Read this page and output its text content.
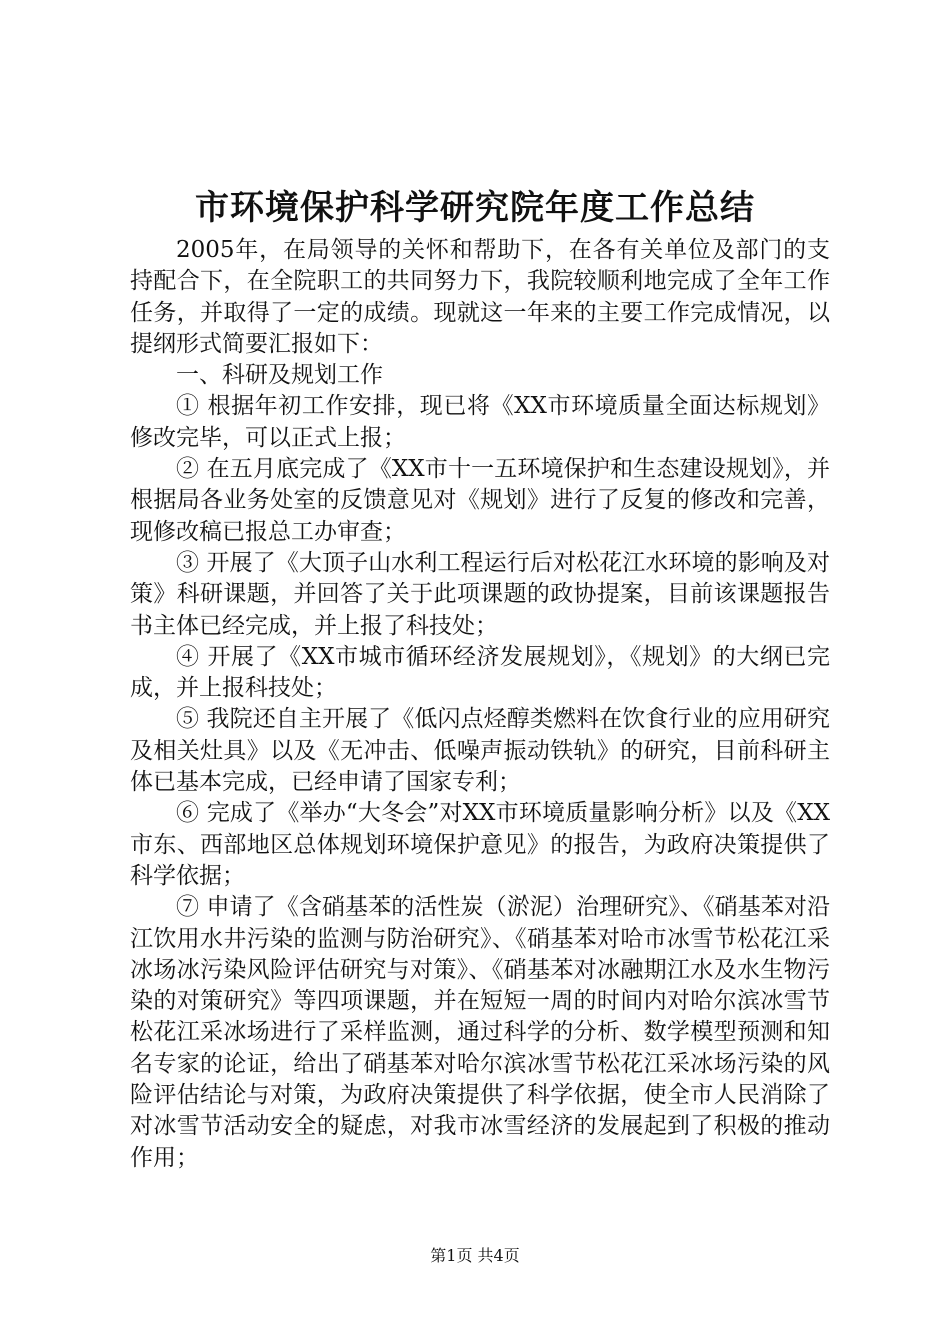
市环境保护科学研究院年度工作总结

2005年，在局领导的关怀和帮助下，在各有关单位及部门的支持配合下，在全院职工的共同努力下，我院较顺利地完成了全年工作任务，并取得了一定的成绩。现就这一年来的主要工作完成情况，以提纲形式简要汇报如下：

一、科研及规划工作

① 根据年初工作安排，现已将《XX市环境质量全面达标规划》修改完毕，可以正式上报；

② 在五月底完成了《XX市十一五环境保护和生态建设规划》，并根据局各业务处室的反馈意见对《规划》进行了反复的修改和完善，现修改稿已报总工办审查；

③ 开展了《大顶子山水利工程运行后对松花江水环境的影响及对策》科研课题，并回答了关于此项课题的政协提案，目前该课题报告书主体已经完成，并上报了科技处；

④ 开展了《XX市城市循环经济发展规划》，《规划》的大纲已完成，并上报科技处；

⑤ 我院还自主开展了《低闪点烃醇类燃料在饮食行业的应用研究及相关灶具》以及《无冲击、低噪声振动铁轨》的研究，目前科研主体已基本完成，已经申请了国家专利；

⑥ 完成了《举办“大冬会”对XX市环境质量影响分析》以及《XX市东、西部地区总体规划环境保护意见》的报告，为政府决策提供了科学依据；

⑦ 申请了《含硝基苯的活性炭（淤泥）治理研究》、《硝基苯对沿江饮用水井污染的监测与防治研究》、《硝基苯对哈市冰雪节松花江采冰场冰污染风险评估研究与对策》、《硝基苯对冰融期江水及水生物污染的对策研究》等四项课题，并在短短一周的时间内对哈尔滨冰雪节松花江采冰场进行了采样监测，通过科学的分析、数学模型预测和知名专家的论证，给出了硝基苯对哈尔滨冰雪节松花江采冰场污染的风险评估结论与对策，为政府决策提供了科学依据，使全市人民消除了对冰雪节活动安全的疑虑，对我市冰雪经济的发展起到了积极的推动作用；

第1页 共4页
